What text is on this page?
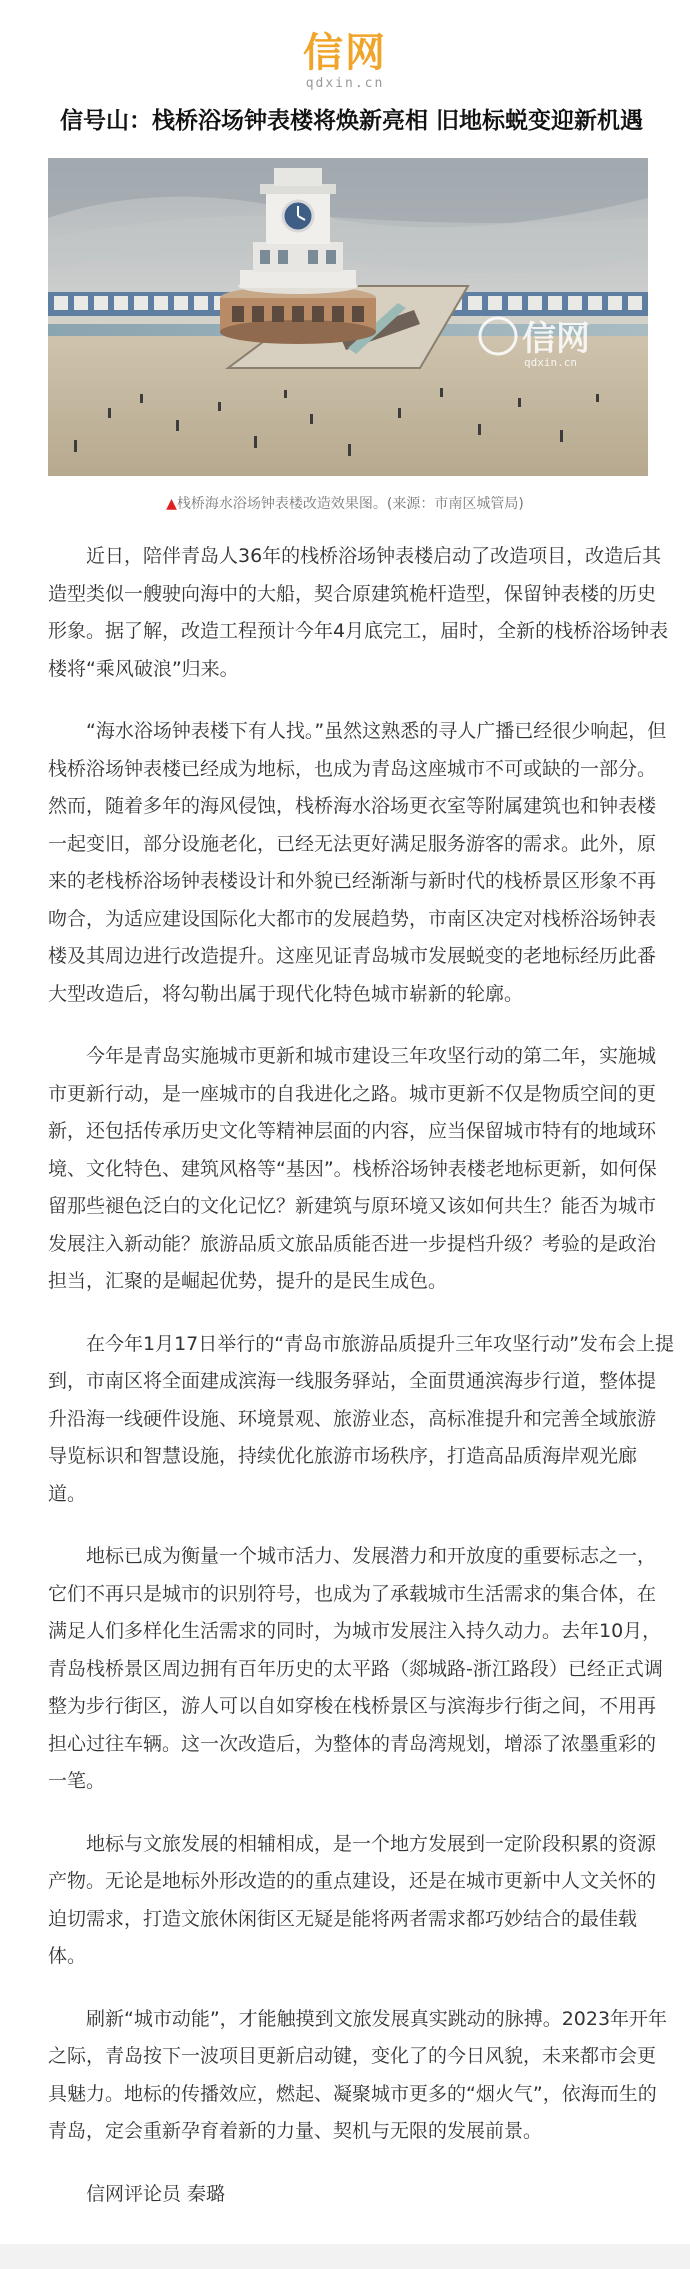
信网
qdxin.cn
信号山：栈桥浴场钟表楼将焕新亮相 旧地标蜕变迎新机遇
信网
qdxin.cn
▲栈桥海水浴场钟表楼改造效果图。(来源：市南区城管局)

近日，陪伴青岛人36年的栈桥浴场钟表楼启动了改造项目，改造后其造型类似一艘驶向海中的大船，契合原建筑桅杆造型，保留钟表楼的历史形象。据了解，改造工程预计今年4月底完工，届时，全新的栈桥浴场钟表楼将“乘风破浪”归来。

“海水浴场钟表楼下有人找。”虽然这熟悉的寻人广播已经很少响起，但栈桥浴场钟表楼已经成为地标，也成为青岛这座城市不可或缺的一部分。然而，随着多年的海风侵蚀，栈桥海水浴场更衣室等附属建筑也和钟表楼一起变旧，部分设施老化，已经无法更好满足服务游客的需求。此外，原来的老栈桥浴场钟表楼设计和外貌已经渐渐与新时代的栈桥景区形象不再吻合，为适应建设国际化大都市的发展趋势，市南区决定对栈桥浴场钟表楼及其周边进行改造提升。这座见证青岛城市发展蜕变的老地标经历此番大型改造后，将勾勒出属于现代化特色城市崭新的轮廓。

今年是青岛实施城市更新和城市建设三年攻坚行动的第二年，实施城市更新行动，是一座城市的自我进化之路。城市更新不仅是物质空间的更新，还包括传承历史文化等精神层面的内容，应当保留城市特有的地域环境、文化特色、建筑风格等“基因”。栈桥浴场钟表楼老地标更新，如何保留那些褪色泛白的文化记忆？新建筑与原环境又该如何共生？能否为城市发展注入新动能？旅游品质文旅品质能否进一步提档升级？考验的是政治担当，汇聚的是崛起优势，提升的是民生成色。

在今年1月17日举行的“青岛市旅游品质提升三年攻坚行动”发布会上提到，市南区将全面建成滨海一线服务驿站，全面贯通滨海步行道，整体提升沿海一线硬件设施、环境景观、旅游业态，高标准提升和完善全域旅游导览标识和智慧设施，持续优化旅游市场秩序，打造高品质海岸观光廊道。

地标已成为衡量一个城市活力、发展潜力和开放度的重要标志之一，它们不再只是城市的识别符号，也成为了承载城市生活需求的集合体，在满足人们多样化生活需求的同时，为城市发展注入持久动力。去年10月，青岛栈桥景区周边拥有百年历史的太平路（郯城路-浙江路段）已经正式调整为步行街区，游人可以自如穿梭在栈桥景区与滨海步行街之间，不用再担心过往车辆。这一次改造后，为整体的青岛湾规划，增添了浓墨重彩的一笔。

地标与文旅发展的相辅相成，是一个地方发展到一定阶段积累的资源产物。无论是地标外形改造的的重点建设，还是在城市更新中人文关怀的迫切需求，打造文旅休闲街区无疑是能将两者需求都巧妙结合的最佳载体。

刷新“城市动能”，才能触摸到文旅发展真实跳动的脉搏。2023年开年之际，青岛按下一波项目更新启动键，变化了的今日风貌，未来都市会更具魅力。地标的传播效应，燃起、凝聚城市更多的“烟火气”，依海而生的青岛，定会重新孕育着新的力量、契机与无限的发展前景。

信网评论员 秦璐
